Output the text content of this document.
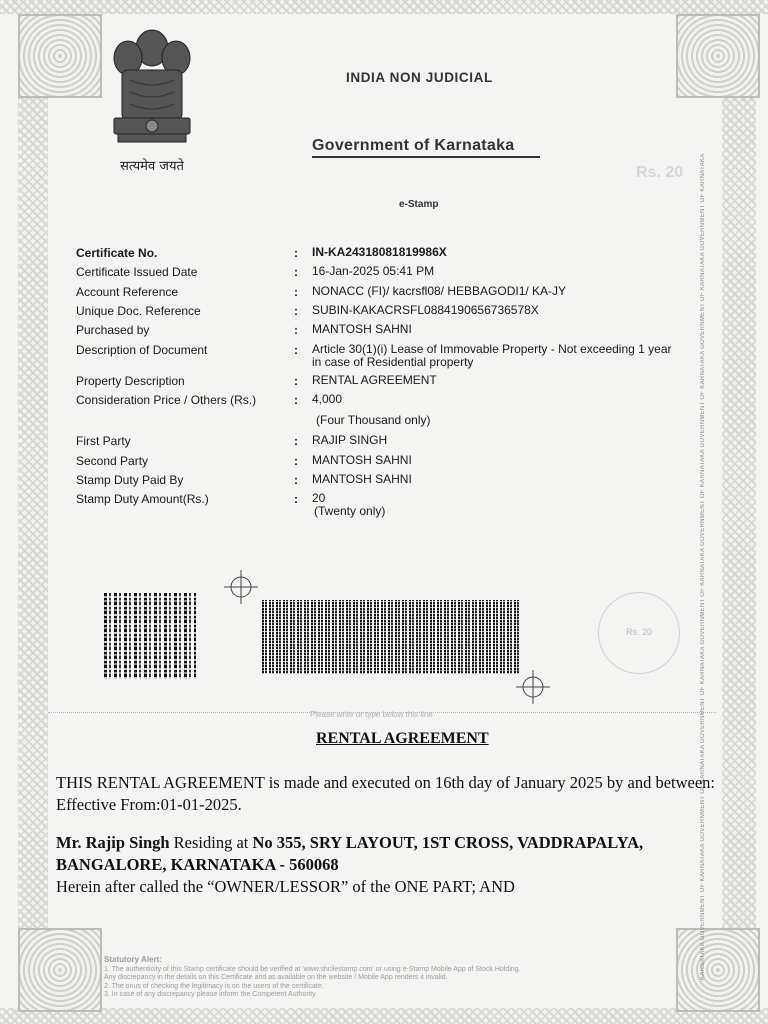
KARNATAKA GOVERNMENT OF KARNATAKA GOVERNMENT OF KARNATAKA GOVERNMENT OF KARNATAKA GOVERNMENT OF KARNATAKA GOVERNMENT OF KARNATAKA GOVERNMENT OF KARNATAKA GOVERNMENT OF KARNATAKA GOVERNMENT OF KARNATAKA
सत्यमेव जयते
INDIA NON JUDICIAL
Government of Karnataka
e-Stamp
Rs. 20
Certificate No.	:	IN-KA24318081819986X
Certificate Issued Date	:	16-Jan-2025 05:41 PM
Account Reference	:	NONACC (FI)/ kacrsfl08/ HEBBAGODI1/ KA-JY
Unique Doc. Reference	:	SUBIN-KAKACRSFL0884190656736578X
Purchased by	:	MANTOSH SAHNI
Description of Document	:	Article 30(1)(i) Lease of Immovable Property - Not exceeding 1 year
in case of Residential property
Property Description	:	RENTAL AGREEMENT
Consideration Price / Others (Rs.)	:	4,000
(Four Thousand only)
First Party	:	RAJIP SINGH
Second Party	:	MANTOSH SAHNI
Stamp Duty Paid By	:	MANTOSH SAHNI
Stamp Duty Amount(Rs.)	:	20
(Twenty only)
Rs. 20
Please write or type below this line
RENTAL AGREEMENT
THIS RENTAL AGREEMENT is made and executed on 16th day of January 2025 by and between: Effective From:01-01-2025.
Mr. Rajip Singh Residing at No 355, SRY LAYOUT, 1ST CROSS, VADDRAPALYA, BANGALORE, KARNATAKA - 560068
Herein after called the “OWNER/LESSOR” of the ONE PART; AND
Statutory Alert:
1. The authenticity of this Stamp certificate should be verified at 'www.shcilestamp.com' or using e-Stamp Mobile App of Stock Holding.
Any discrepancy in the details on this Certificate and as available on the website / Mobile App renders it invalid.
2. The onus of checking the legitimacy is on the users of the certificate.
3. In case of any discrepancy please inform the Competent Authority.
